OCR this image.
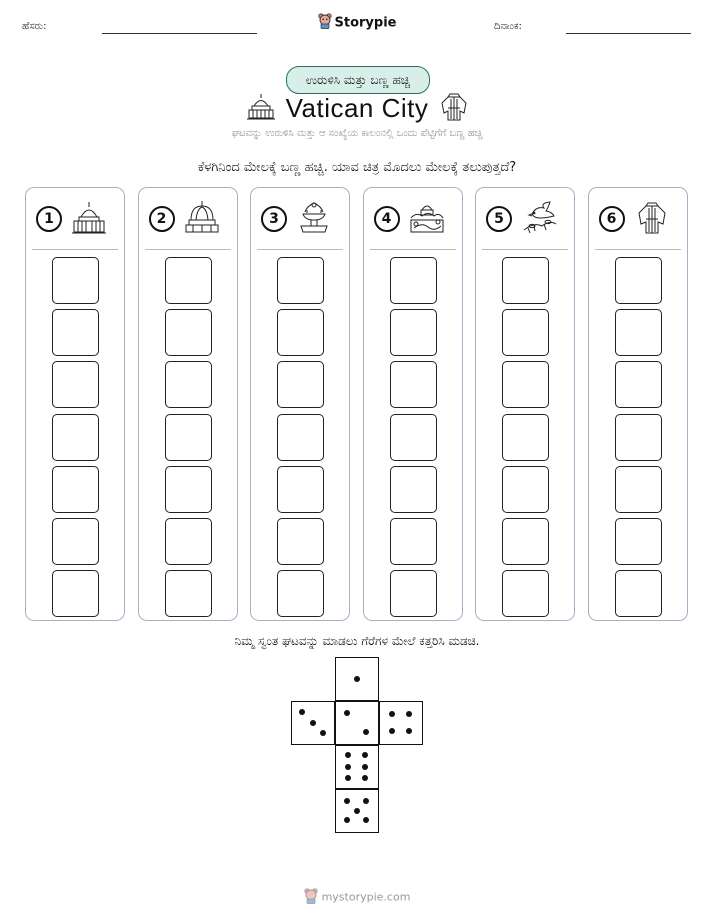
ಹೆಸರು:	Storypie	ದಿನಾಂಕ:
ಉರುಳಿಸಿ ಮತ್ತು ಬಣ್ಣ ಹಚ್ಚಿ
Vatican City
ಘಟವನ್ನು ಉರುಳಿಸಿ ಮತ್ತು ಆ ಸಂಖ್ಯೆಯ ಕಾಲಂನಲ್ಲಿ ಒಂದು ಪೆಟ್ಟಿಗೆಗೆ ಬಣ್ಣ ಹಚ್ಚಿ
ಕೆಳಗಿನಿಂದ ಮೇಲಕ್ಕೆ ಬಣ್ಣ ಹಚ್ಚಿ. ಯಾವ ಚಿತ್ರ ಮೊದಲು ಮೇಲಕ್ಕೆ ತಲುಪುತ್ತದೆ?
1	2	3	4	5	6
ನಿಮ್ಮ ಸ್ವಂತ ಘಟವನ್ನು ಮಾಡಲು ಗೆರೆಗಳ ಮೇಲೆ ಕತ್ತರಿಸಿ ಮಡಚಿ.
mystorypie.com
